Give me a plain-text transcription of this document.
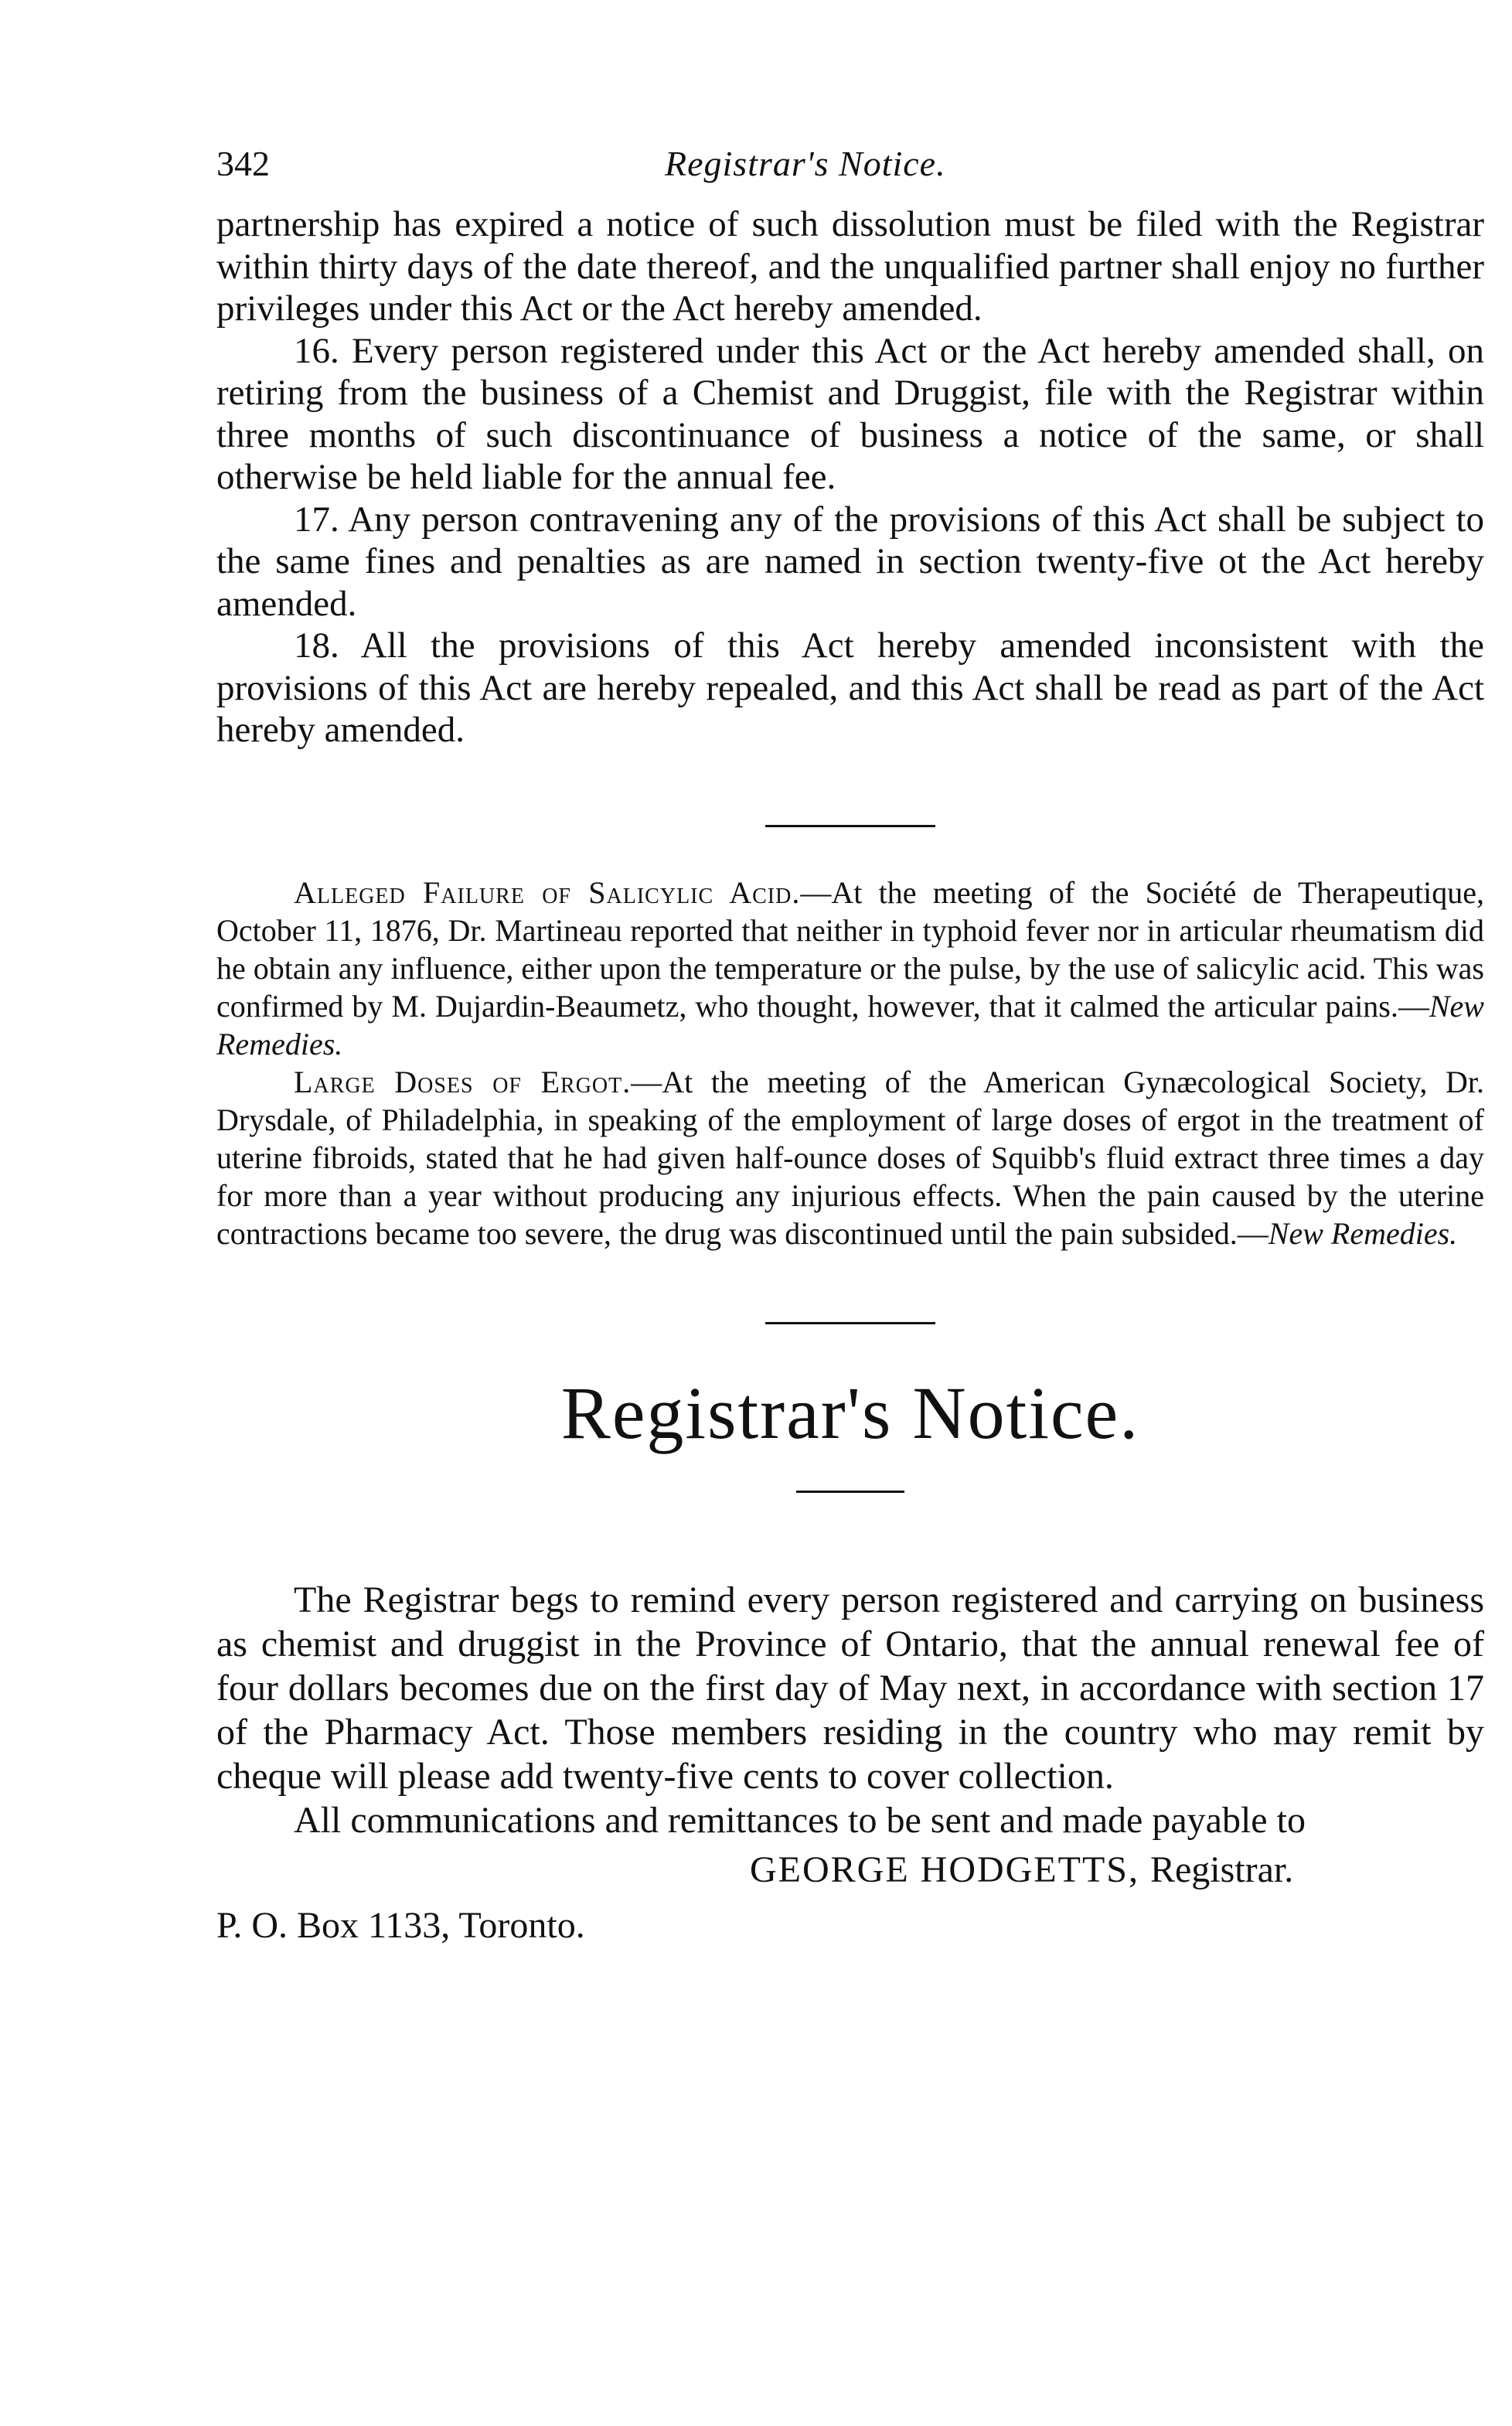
342	Registrar's Notice.

partnership has expired a notice of such dissolution must be filed with the Registrar within thirty days of the date thereof, and the unqualified partner shall enjoy no further privileges under this Act or the Act hereby amended.

16. Every person registered under this Act or the Act hereby amended shall, on retiring from the business of a Chemist and Druggist, file with the Registrar within three months of such discontinuance of business a notice of the same, or shall otherwise be held liable for the annual fee.

17. Any person contravening any of the provisions of this Act shall be subject to the same fines and penalties as are named in section twenty-five ot the Act hereby amended.

18. All the provisions of this Act hereby amended inconsistent with the provisions of this Act are hereby repealed, and this Act shall be read as part of the Act hereby amended.

Alleged Failure of Salicylic Acid.—At the meeting of the Société de Therapeutique, October 11, 1876, Dr. Martineau reported that neither in typhoid fever nor in articular rheumatism did he obtain any influence, either upon the temperature or the pulse, by the use of salicylic acid. This was confirmed by M. Dujardin-Beaumetz, who thought, however, that it calmed the articular pains.—New Remedies.

Large Doses of Ergot.—At the meeting of the American Gynæcological Society, Dr. Drysdale, of Philadelphia, in speaking of the employment of large doses of ergot in the treatment of uterine fibroids, stated that he had given half-ounce doses of Squibb's fluid extract three times a day for more than a year without producing any injurious effects. When the pain caused by the uterine contractions became too severe, the drug was discontinued until the pain subsided.—New Remedies.

Registrar's Notice.

The Registrar begs to remind every person registered and carrying on business as chemist and druggist in the Province of Ontario, that the annual renewal fee of four dollars becomes due on the first day of May next, in accordance with section 17 of the Pharmacy Act. Those members residing in the country who may remit by cheque will please add twenty-five cents to cover collection.

All communications and remittances to be sent and made payable to

GEORGE HODGETTS, Registrar.
P. O. Box 1133, Toronto.
